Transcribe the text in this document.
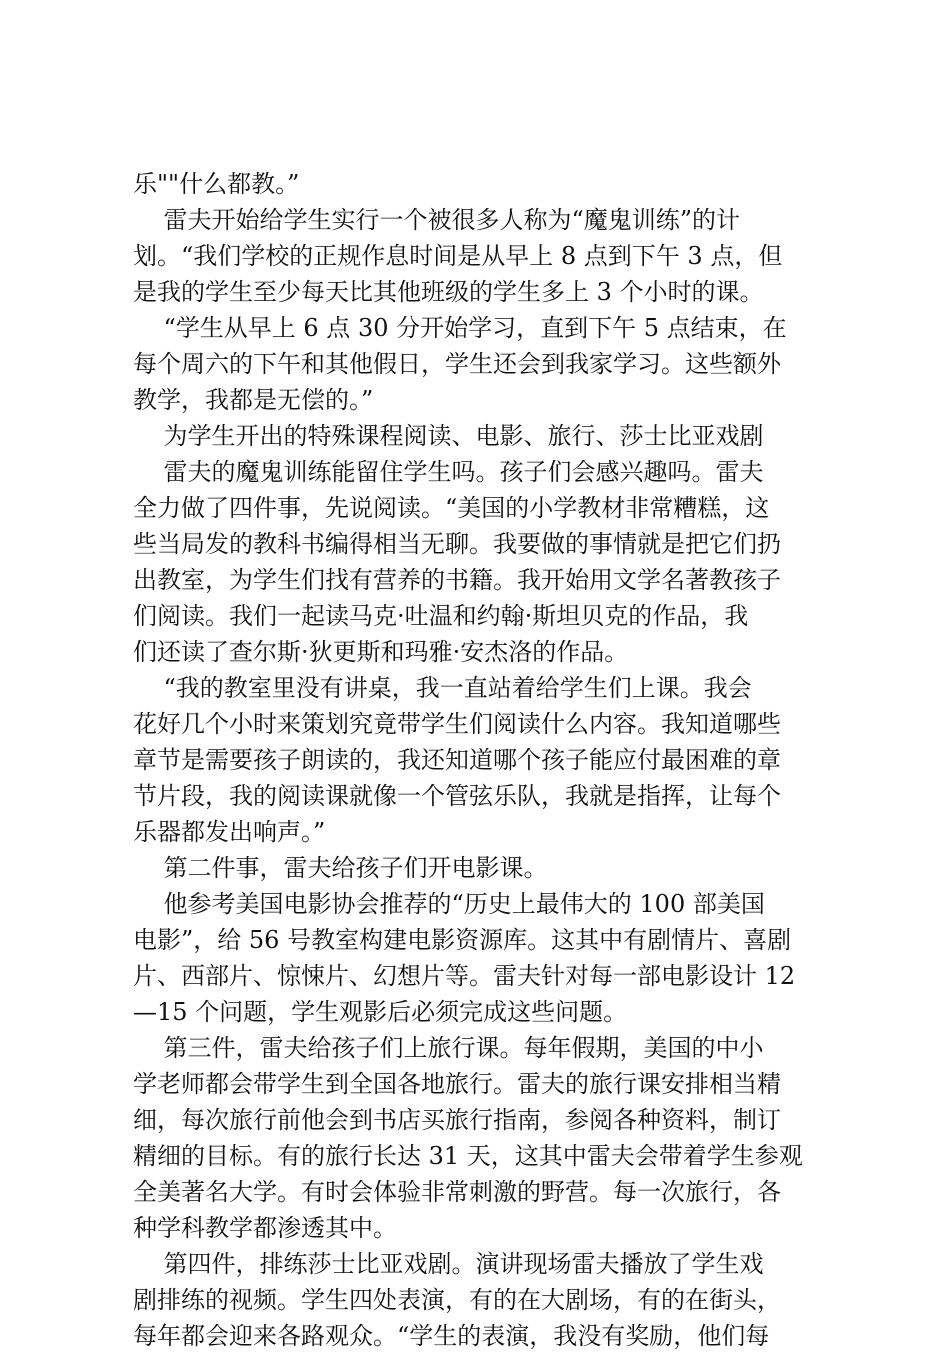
乐""什么都教。”
雷夫开始给学生实行一个被很多人称为“魔鬼训练”的计
划。“我们学校的正规作息时间是从早上 8 点到下午 3 点，但
是我的学生至少每天比其他班级的学生多上 3 个小时的课。
“学生从早上 6 点 30 分开始学习，直到下午 5 点结束，在
每个周六的下午和其他假日，学生还会到我家学习。这些额外
教学，我都是无偿的。”
为学生开出的特殊课程阅读、电影、旅行、莎士比亚戏剧
雷夫的魔鬼训练能留住学生吗。孩子们会感兴趣吗。雷夫
全力做了四件事，先说阅读。“美国的小学教材非常糟糕，这
些当局发的教科书编得相当无聊。我要做的事情就是把它们扔
出教室，为学生们找有营养的书籍。我开始用文学名著教孩子
们阅读。我们一起读马克·吐温和约翰·斯坦贝克的作品，我
们还读了查尔斯·狄更斯和玛雅·安杰洛的作品。
“我的教室里没有讲桌，我一直站着给学生们上课。我会
花好几个小时来策划究竟带学生们阅读什么内容。我知道哪些
章节是需要孩子朗读的，我还知道哪个孩子能应付最困难的章
节片段，我的阅读课就像一个管弦乐队，我就是指挥，让每个
乐器都发出响声。”
第二件事，雷夫给孩子们开电影课。
他参考美国电影协会推荐的“历史上最伟大的 100 部美国
电影”，给 56 号教室构建电影资源库。这其中有剧情片、喜剧
片、西部片、惊悚片、幻想片等。雷夫针对每一部电影设计 12
—15 个问题，学生观影后必须完成这些问题。
第三件，雷夫给孩子们上旅行课。每年假期，美国的中小
学老师都会带学生到全国各地旅行。雷夫的旅行课安排相当精
细，每次旅行前他会到书店买旅行指南，参阅各种资料，制订
精细的目标。有的旅行长达 31 天，这其中雷夫会带着学生参观
全美著名大学。有时会体验非常刺激的野营。每一次旅行，各
种学科教学都渗透其中。
第四件，排练莎士比亚戏剧。演讲现场雷夫播放了学生戏
剧排练的视频。学生四处表演，有的在大剧场，有的在街头，
每年都会迎来各路观众。“学生的表演，我没有奖励，他们每
